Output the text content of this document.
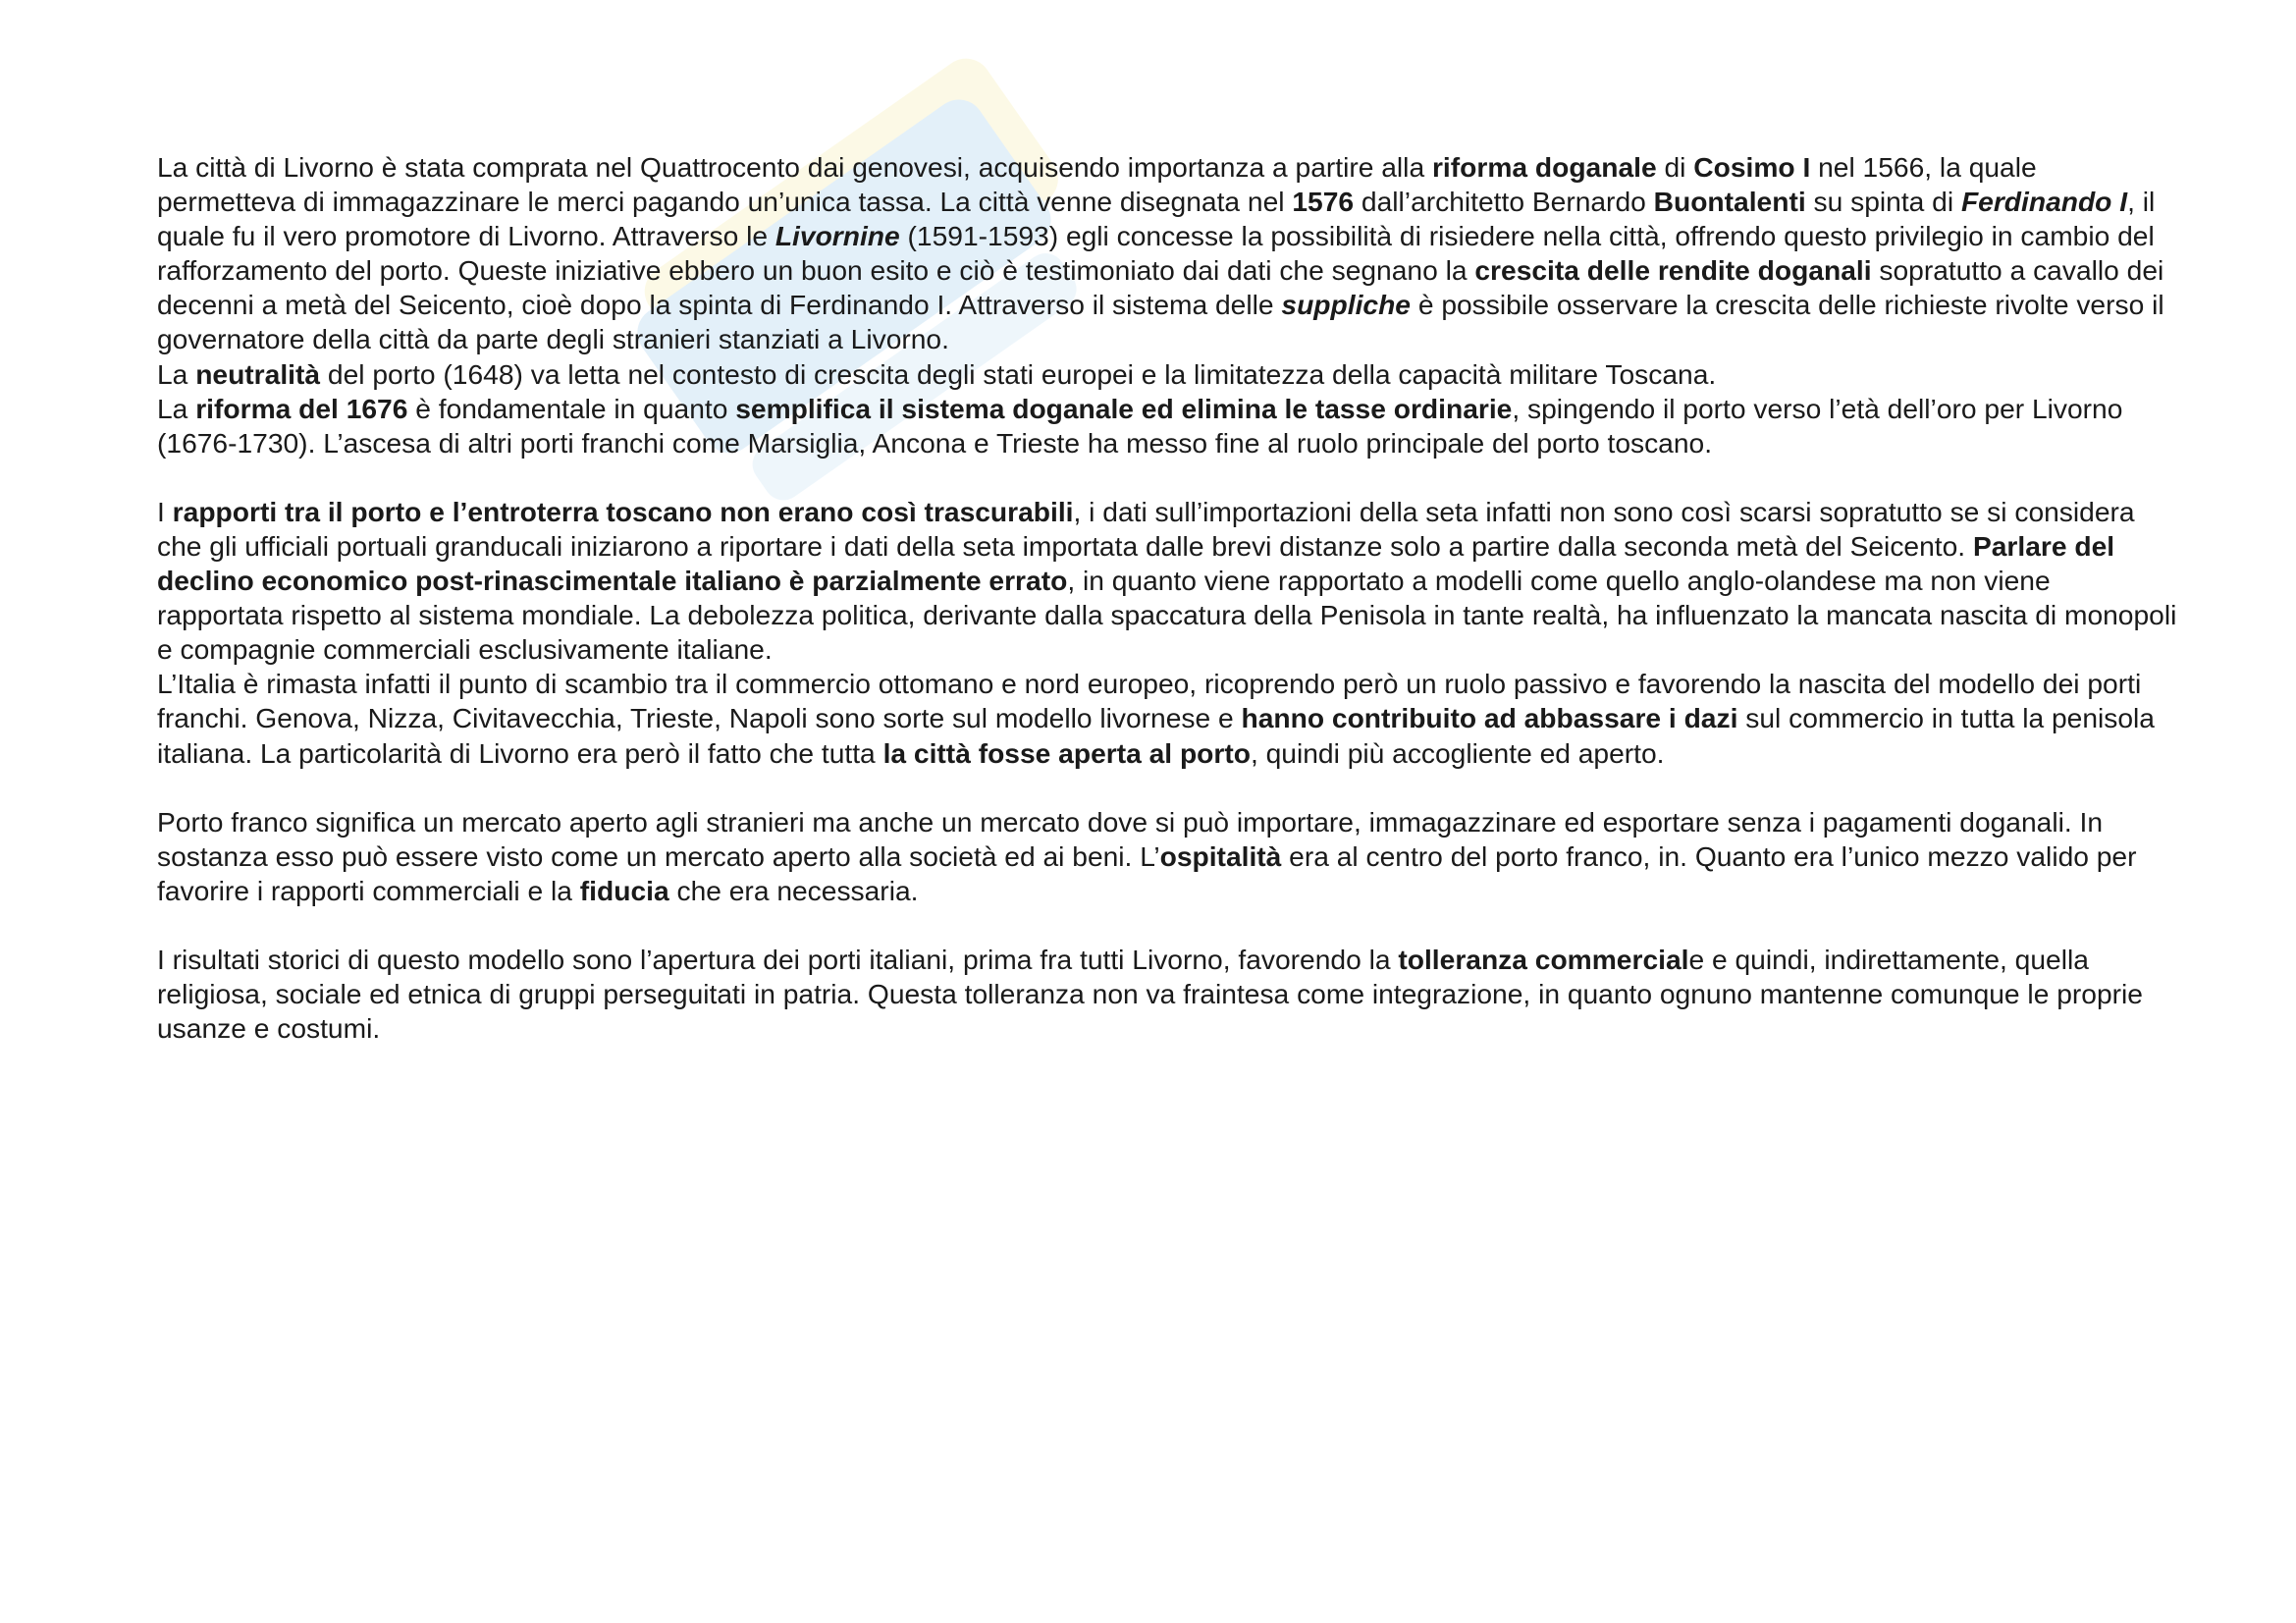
La città di Livorno è stata comprata nel Quattrocento dai genovesi, acquisendo importanza a partire alla riforma doganale di Cosimo I nel 1566, la quale permetteva di immagazzinare le merci pagando un’unica tassa. La città venne disegnata nel 1576 dall’architetto Bernardo Buontalenti su spinta di Ferdinando I, il quale fu il vero promotore di Livorno. Attraverso le Livornine (1591-1593) egli concesse la possibilità di risiedere nella città, offrendo questo privilegio in cambio del rafforzamento del porto. Queste iniziative ebbero un buon esito e ciò è testimoniato dai dati che segnano la crescita delle rendite doganali sopratutto a cavallo dei decenni a metà del Seicento, cioè dopo la spinta di Ferdinando I. Attraverso il sistema delle suppliche è possibile osservare la crescita delle richieste rivolte verso il governatore della città da parte degli stranieri stanziati a Livorno.

La neutralità del porto (1648) va letta nel contesto di crescita degli stati europei e la limitatezza della capacità militare Toscana.

La riforma del 1676 è fondamentale in quanto semplifica il sistema doganale ed elimina le tasse ordinarie, spingendo il porto verso l’età dell’oro per Livorno (1676-1730). L’ascesa di altri porti franchi come Marsiglia, Ancona e Trieste ha messo fine al ruolo principale del porto toscano.

I rapporti tra il porto e l’entroterra toscano non erano così trascurabili, i dati sull’importazioni della seta infatti non sono così scarsi sopratutto se si considera che gli ufficiali portuali granducali iniziarono a riportare i dati della seta importata dalle brevi distanze solo a partire dalla seconda metà del Seicento. Parlare del declino economico post-rinascimentale italiano è parzialmente errato, in quanto viene rapportato a modelli come quello anglo-olandese ma non viene rapportata rispetto al sistema mondiale. La debolezza politica, derivante dalla spaccatura della Penisola in tante realtà, ha influenzato la mancata nascita di monopoli e compagnie commerciali esclusivamente italiane.

L’Italia è rimasta infatti il punto di scambio tra il commercio ottomano e nord europeo, ricoprendo però un ruolo passivo e favorendo la nascita del modello dei porti franchi. Genova, Nizza, Civitavecchia, Trieste, Napoli sono sorte sul modello livornese e hanno contribuito ad abbassare i dazi sul commercio in tutta la penisola italiana. La particolarità di Livorno era però il fatto che tutta la città fosse aperta al porto, quindi più accogliente ed aperto.

Porto franco significa un mercato aperto agli stranieri ma anche un mercato dove si può importare, immagazzinare ed esportare senza i pagamenti doganali. In sostanza esso può essere visto come un mercato aperto alla società ed ai beni. L’ospitalità era al centro del porto franco, in. Quanto era l’unico mezzo valido per favorire i rapporti commerciali e la fiducia che era necessaria.

I risultati storici di questo modello sono l’apertura dei porti italiani, prima fra tutti Livorno, favorendo la tolleranza commerciale e quindi, indirettamente, quella religiosa, sociale ed etnica di gruppi perseguitati in patria. Questa tolleranza non va fraintesa come integrazione, in quanto ognuno mantenne comunque le proprie usanze e costumi.
